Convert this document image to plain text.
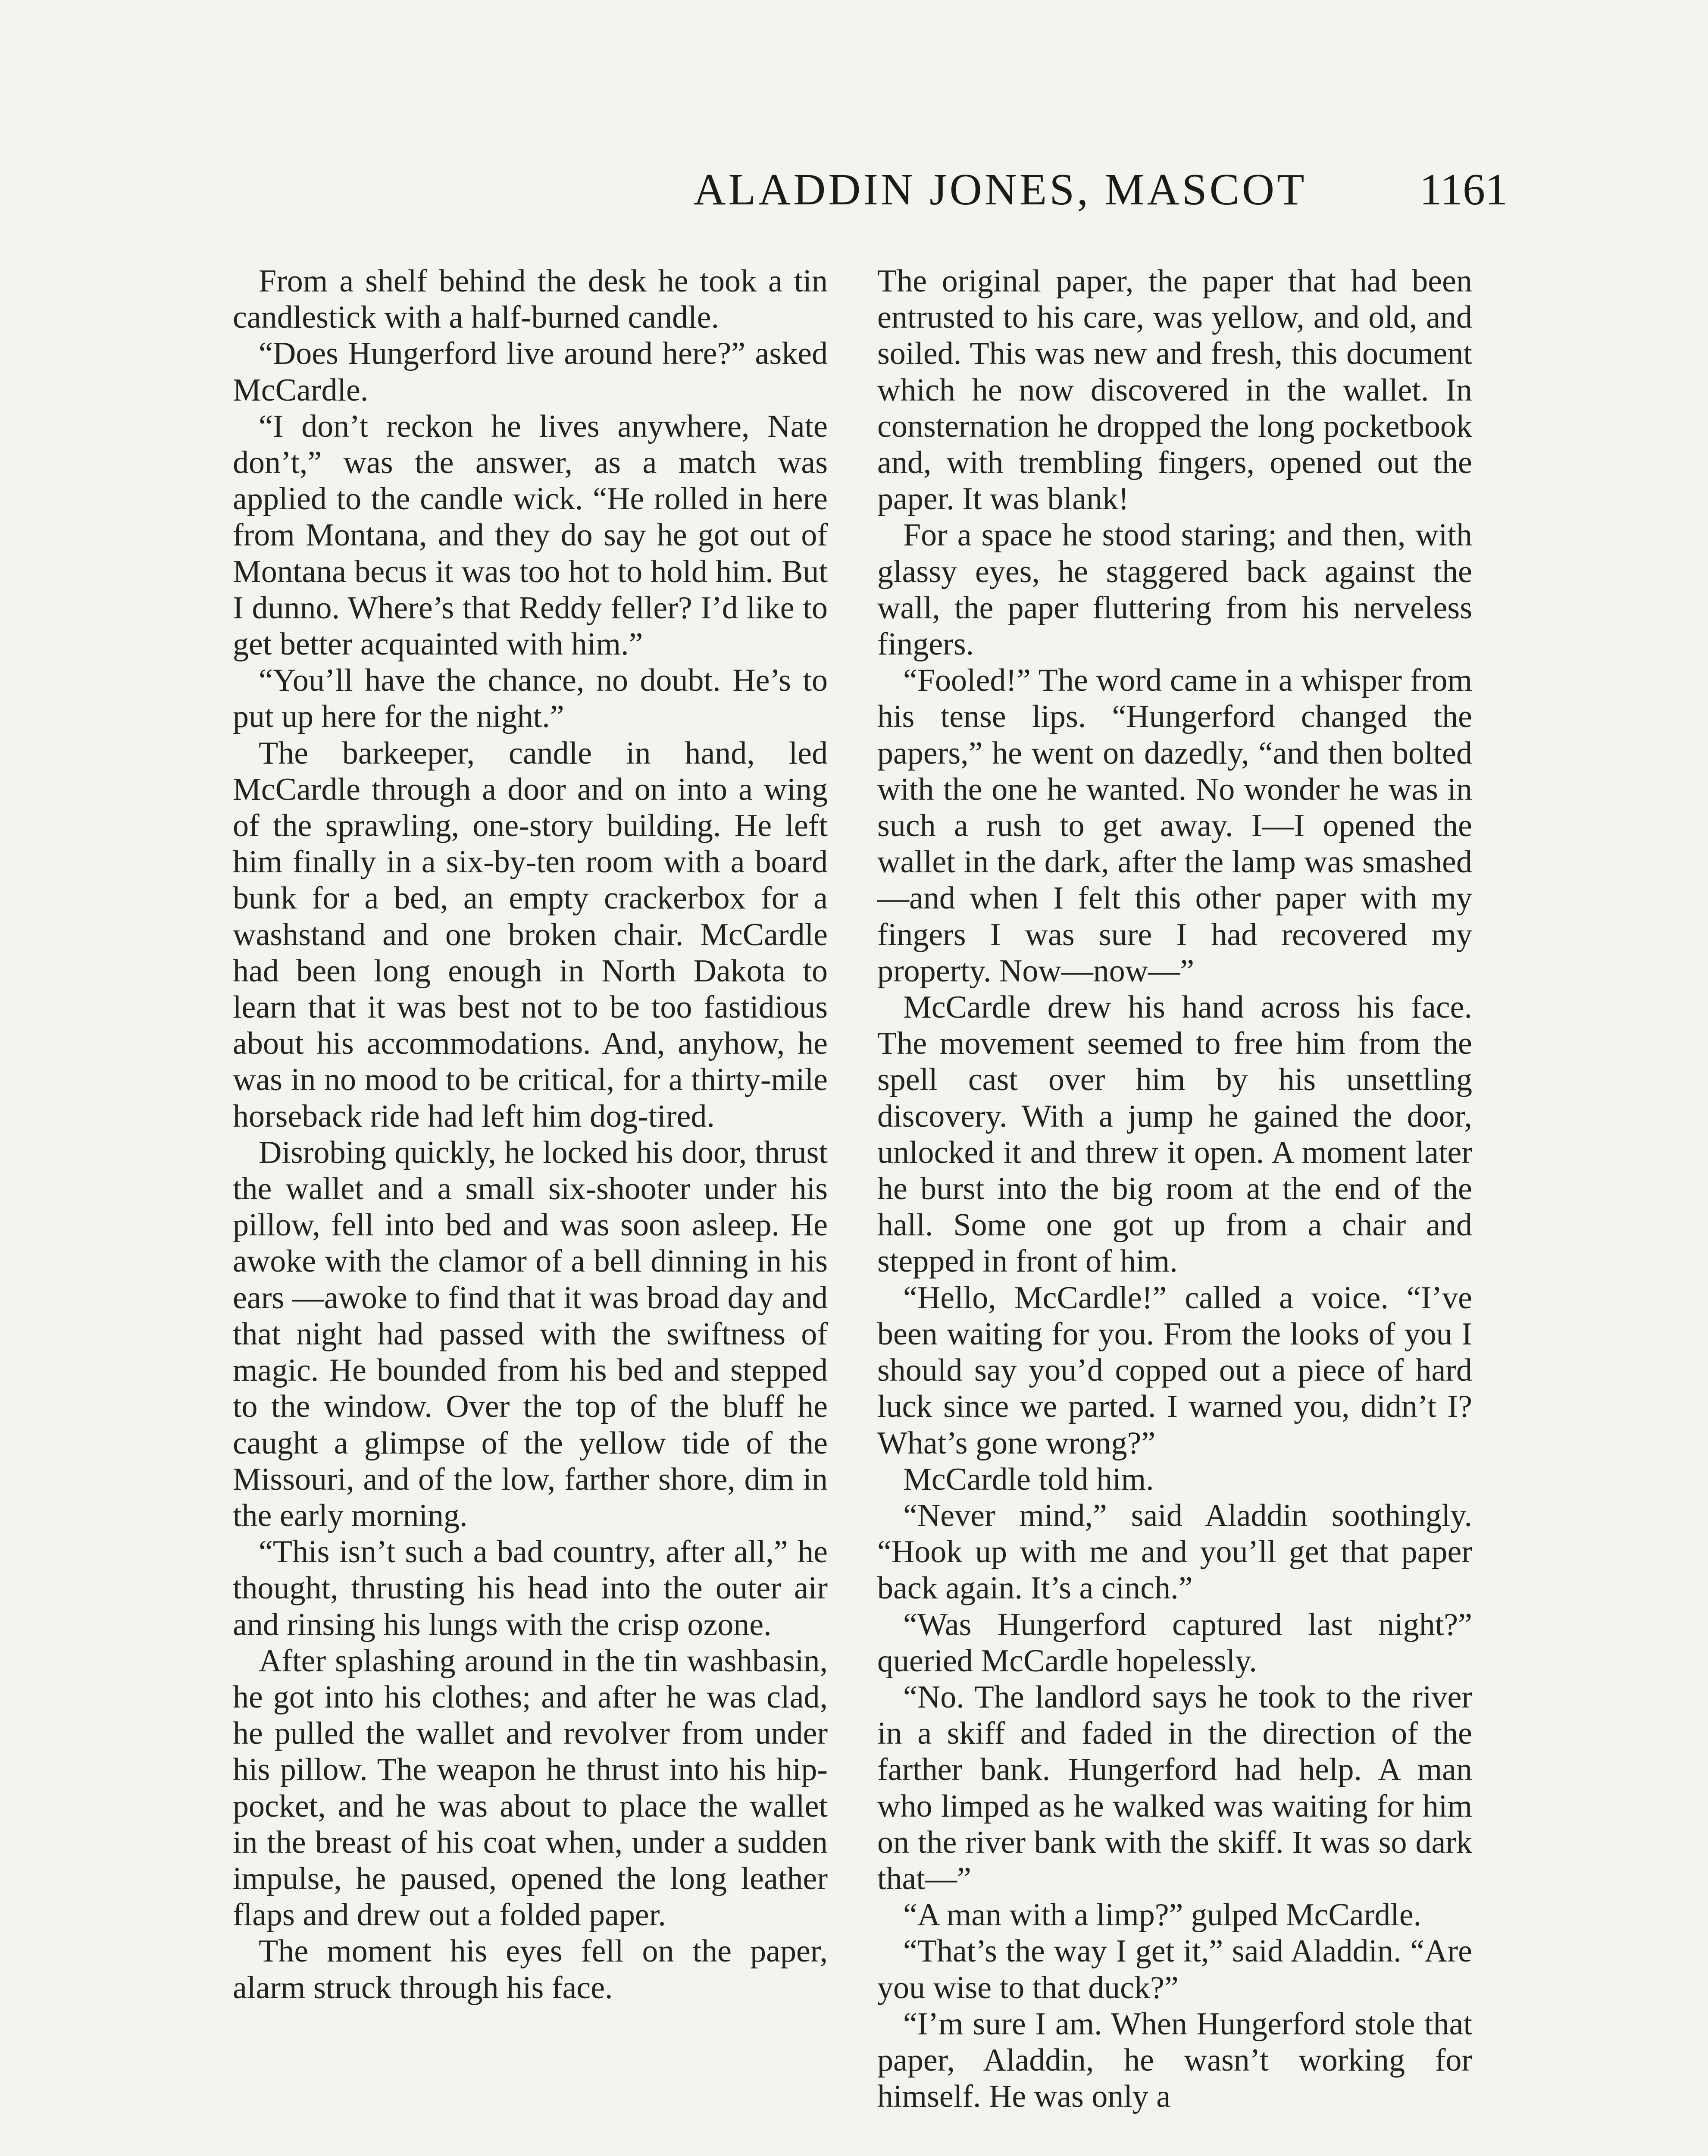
ALADDIN JONES, MASCOT	1161

From a shelf behind the desk he took a tin candlestick with a half-burned candle.

“Does Hungerford live around here?” asked McCardle.

“I don’t reckon he lives anywhere, Nate don’t,” was the answer, as a match was applied to the candle wick. “He rolled in here from Montana, and they do say he got out of Montana becus it was too hot to hold him. But I dunno. Where’s that Reddy feller? I’d like to get better acquainted with him.”

“You’ll have the chance, no doubt. He’s to put up here for the night.”

The barkeeper, candle in hand, led McCardle through a door and on into a wing of the sprawling, one-story building. He left him finally in a six-by-ten room with a board bunk for a bed, an empty crackerbox for a washstand and one broken chair. McCardle had been long enough in North Dakota to learn that it was best not to be too fastidious about his accommodations. And, anyhow, he was in no mood to be critical, for a thirty-mile horseback ride had left him dog-tired.

Disrobing quickly, he locked his door, thrust the wallet and a small six-shooter under his pillow, fell into bed and was soon asleep. He awoke with the clamor of a bell dinning in his ears —awoke to find that it was broad day and that night had passed with the swiftness of magic. He bounded from his bed and stepped to the window. Over the top of the bluff he caught a glimpse of the yellow tide of the Missouri, and of the low, farther shore, dim in the early morning.

“This isn’t such a bad country, after all,” he thought, thrusting his head into the outer air and rinsing his lungs with the crisp ozone.

After splashing around in the tin washbasin, he got into his clothes; and after he was clad, he pulled the wallet and revolver from under his pillow. The weapon he thrust into his hip-pocket, and he was about to place the wallet in the breast of his coat when, under a sudden impulse, he paused, opened the long leather flaps and drew out a folded paper.

The moment his eyes fell on the paper, alarm struck through his face.

The original paper, the paper that had been entrusted to his care, was yellow, and old, and soiled. This was new and fresh, this document which he now discovered in the wallet. In consternation he dropped the long pocketbook and, with trembling fingers, opened out the paper. It was blank!

For a space he stood staring; and then, with glassy eyes, he staggered back against the wall, the paper fluttering from his nerveless fingers.

“Fooled!” The word came in a whisper from his tense lips. “Hungerford changed the papers,” he went on dazedly, “and then bolted with the one he wanted. No wonder he was in such a rush to get away. I—I opened the wallet in the dark, after the lamp was smashed—and when I felt this other paper with my fingers I was sure I had recovered my property. Now—now—”

McCardle drew his hand across his face. The movement seemed to free him from the spell cast over him by his unsettling discovery. With a jump he gained the door, unlocked it and threw it open. A moment later he burst into the big room at the end of the hall. Some one got up from a chair and stepped in front of him.

“Hello, McCardle!” called a voice. “I’ve been waiting for you. From the looks of you I should say you’d copped out a piece of hard luck since we parted. I warned you, didn’t I? What’s gone wrong?”

McCardle told him.

“Never mind,” said Aladdin soothingly. “Hook up with me and you’ll get that paper back again. It’s a cinch.”

“Was Hungerford captured last night?” queried McCardle hopelessly.

“No. The landlord says he took to the river in a skiff and faded in the direction of the farther bank. Hungerford had help. A man who limped as he walked was waiting for him on the river bank with the skiff. It was so dark that—”

“A man with a limp?” gulped McCardle.

“That’s the way I get it,” said Aladdin. “Are you wise to that duck?”

“I’m sure I am. When Hungerford stole that paper, Aladdin, he wasn’t working for himself. He was only a
